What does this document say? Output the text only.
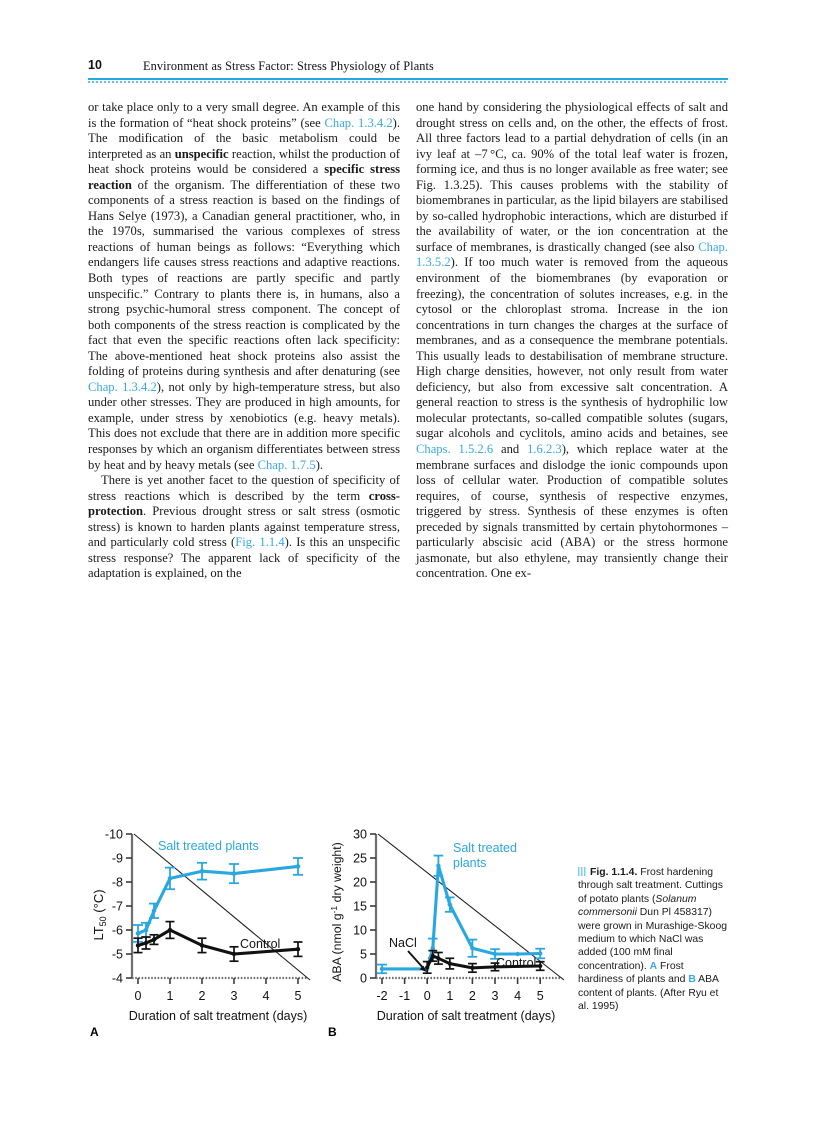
10	Environment as Stress Factor: Stress Physiology of Plants

or take place only to a very small degree. An example of this is the formation of “heat shock proteins” (see Chap. 1.3.4.2). The modification of the basic metabolism could be interpreted as an unspecific reaction, whilst the production of heat shock proteins would be considered a specific stress reaction of the organism. The differentiation of these two components of a stress reaction is based on the findings of Hans Selye (1973), a Canadian general practitioner, who, in the 1970s, summarised the various complexes of stress reactions of human beings as follows: “Everything which endangers life causes stress reactions and adaptive reactions. Both types of reactions are partly specific and partly unspecific.” Contrary to plants there is, in humans, also a strong psychic-humoral stress component. The concept of both components of the stress reaction is complicated by the fact that even the specific reactions often lack specificity: The above-mentioned heat shock proteins also assist the folding of proteins during synthesis and after denaturing (see Chap. 1.3.4.2), not only by high-temperature stress, but also under other stresses. They are produced in high amounts, for example, under stress by xenobiotics (e.g. heavy metals). This does not exclude that there are in addition more specific responses by which an organism differentiates between stress by heat and by heavy metals (see Chap. 1.7.5).

There is yet another facet to the question of specificity of stress reactions which is described by the term cross-protection. Previous drought stress or salt stress (osmotic stress) is known to harden plants against temperature stress, and particularly cold stress (Fig. 1.1.4). Is this an unspecific stress response? The apparent lack of specificity of the adaptation is explained, on the

one hand by considering the physiological effects of salt and drought stress on cells and, on the other, the effects of frost. All three factors lead to a partial dehydration of cells (in an ivy leaf at –7 °C, ca. 90% of the total leaf water is frozen, forming ice, and thus is no longer available as free water; see Fig. 1.3.25). This causes problems with the stability of biomembranes in particular, as the lipid bilayers are stabilised by so-called hydrophobic interactions, which are disturbed if the availability of water, or the ion concentration at the surface of membranes, is drastically changed (see also Chap. 1.3.5.2). If too much water is removed from the aqueous environment of the biomembranes (by evaporation or freezing), the concentration of solutes increases, e.g. in the cytosol or the chloroplast stroma. Increase in the ion concentrations in turn changes the charges at the surface of membranes, and as a consequence the membrane potentials. This usually leads to destabilisation of membrane structure. High charge densities, however, not only result from water deficiency, but also from excessive salt concentration. A general reaction to stress is the synthesis of hydrophilic low molecular protectants, so-called compatible solutes (sugars, sugar alcohols and cyclitols, amino acids and betaines, see Chaps. 1.5.2.6 and 1.6.2.3), which replace water at the membrane surfaces and dislodge the ionic compounds upon loss of cellular water. Production of compatible solutes requires, of course, synthesis of respective enzymes, triggered by stress. Synthesis of these enzymes is often preceded by signals transmitted by certain phytohormones – particularly abscisic acid (ABA) or the stress hormone jasmonate, but also ethylene, may transiently change their concentration. One ex-

$LT_{50}$ (°C)
-10
-9
-8
-7
-6
-5
-4
0 1 2 3 4 5
Salt treated plants
Control
Duration of salt treatment (days)
A
ABA (nmol $g^{-1}$ dry weight)
30
25
20
15
10
5
0
-2 -1 0 1 2 3 4 5
NaCl
Salt treated
plants
Control
Duration of salt treatment (days)
B
Fig. 1.1.4. Frost hardening through salt treatment. Cuttings of potato plants (Solanum commersonii Dun Pl 458317) were grown in Murashige-Skoog medium to which NaCl was added (100 mM final concentration). A Frost hardiness of plants and B ABA content of plants. (After Ryu et al. 1995)
